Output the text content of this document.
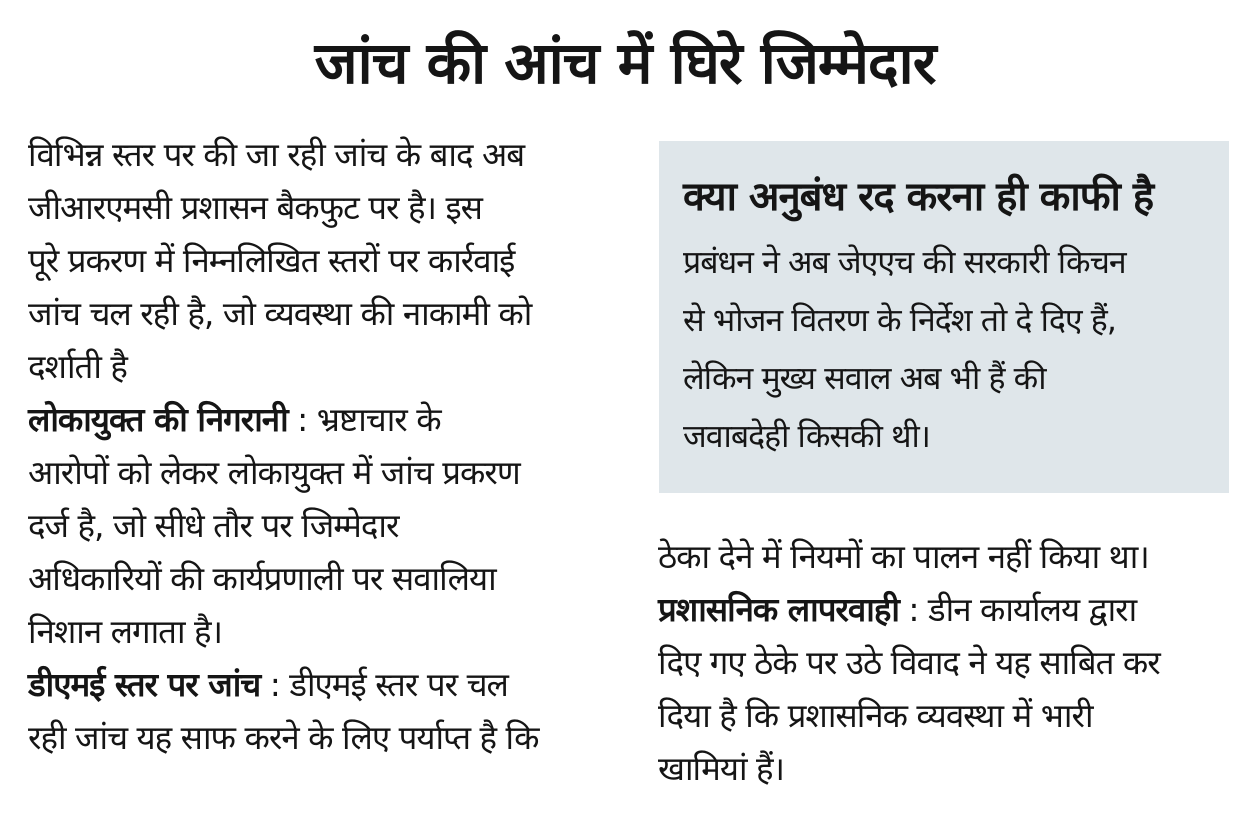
जांच की आंच में घिरे जिम्मेदार
विभिन्न स्तर पर की जा रही जांच के बाद अब
जीआरएमसी प्रशासन बैकफुट पर है। इस
पूरे प्रकरण में निम्नलिखित स्तरों पर कार्रवाई
जांच चल रही है, जो व्यवस्था की नाकामी को
दर्शाती है
लोकायुक्त की निगरानी : भ्रष्टाचार के
आरोपों को लेकर लोकायुक्त में जांच प्रकरण
दर्ज है, जो सीधे तौर पर जिम्मेदार
अधिकारियों की कार्यप्रणाली पर सवालिया
निशान लगाता है।
डीएमई स्तर पर जांच : डीएमई स्तर पर चल
रही जांच यह साफ करने के लिए पर्याप्त है कि
क्या अनुबंध रद करना ही काफी है
प्रबंधन ने अब जेएएच की सरकारी किचन
से भोजन वितरण के निर्देश तो दे दिए हैं,
लेकिन मुख्य सवाल अब भी हैं की
जवाबदेही किसकी थी।
ठेका देने में नियमों का पालन नहीं किया था।
प्रशासनिक लापरवाही : डीन कार्यालय द्वारा
दिए गए ठेके पर उठे विवाद ने यह साबित कर
दिया है कि प्रशासनिक व्यवस्था में भारी
खामियां हैं।
